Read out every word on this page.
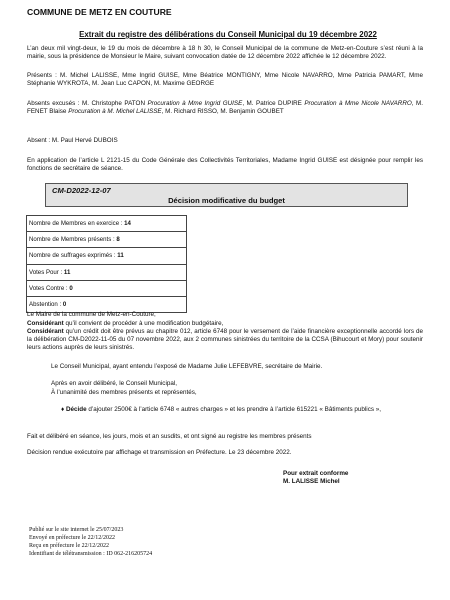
COMMUNE DE METZ EN COUTURE
Extrait du registre des délibérations du Conseil Municipal du 19 décembre 2022

L’an deux mil vingt-deux, le 19 du mois de décembre à 18 h 30, le Conseil Municipal de la commune de Metz-en-Couture s’est réuni à la mairie, sous la présidence de Monsieur le Maire, suivant convocation datée de 12 décembre 2022 affichée le 12 décembre 2022.

Présents : M. Michel LALISSE, Mme Ingrid GUISE, Mme Béatrice MONTIGNY, Mme Nicole NAVARRO, Mme Patricia PAMART, Mme Stéphanie WYKROTA, M. Jean Luc CAPON, M. Maxime GEORGE

Absents excusés : M. Christophe PATON Procuration à Mme Ingrid GUISE, M. Patrice DUPIRE Procuration à Mme Nicole NAVARRO, M. FENET Blaise Procuration à M. Michel LALISSE, M. Richard RISSO, M. Benjamin GOUBET

Absent : M. Paul Hervé DUBOIS

En application de l’article L 2121-15 du Code Générale des Collectivités Territoriales, Madame Ingrid GUISE est désignée pour remplir les fonctions de secrétaire de séance.

CM-D2022-12-07
Décision modificative du budget
Nombre de Membres en exercice : 14
Nombre de Membres présents : 8
Nombre de suffrages exprimés : 11
Votes Pour : 11
Votes Contre : 0
Abstention : 0

Le Maire de la commune de Metz-en-Couture,

Considérant qu’il convient de procéder à une modification budgétaire,

Considérant qu’un crédit doit être prévus au chapitre 012, article 6748 pour le versement de l’aide financière exceptionnelle accordé lors de la délibération CM-D2022-11-05 du 07 novembre 2022, aux 2 communes sinistrées du territoire de la CCSA (Bihucourt et Mory) pour soutenir leurs actions auprès de leurs sinistrés.

Le Conseil Municipal, ayant entendu l’exposé de Madame Julie LEFEBVRE, secrétaire de Mairie.

Après en avoir délibéré, le Conseil Municipal,

À l’unanimité des membres présents et représentés,

♦ Décide d’ajouter 2500€ à l’article 6748 « autres charges » et les prendre à l’article 615221 « Bâtiments publics »,

Fait et délibéré en séance, les jours, mois et an susdits, et ont signé au registre les membres présents

Décision rendue exécutoire par affichage et transmission en Préfecture. Le 23 décembre 2022.

Pour extrait conforme
M. LALISSE Michel
Publié sur le site internet le 25/07/2023
Envoyé en préfecture le 22/12/2022
Reçu en préfecture le 22/12/2022
Identifiant de télétransmission : ID 062-216205724
